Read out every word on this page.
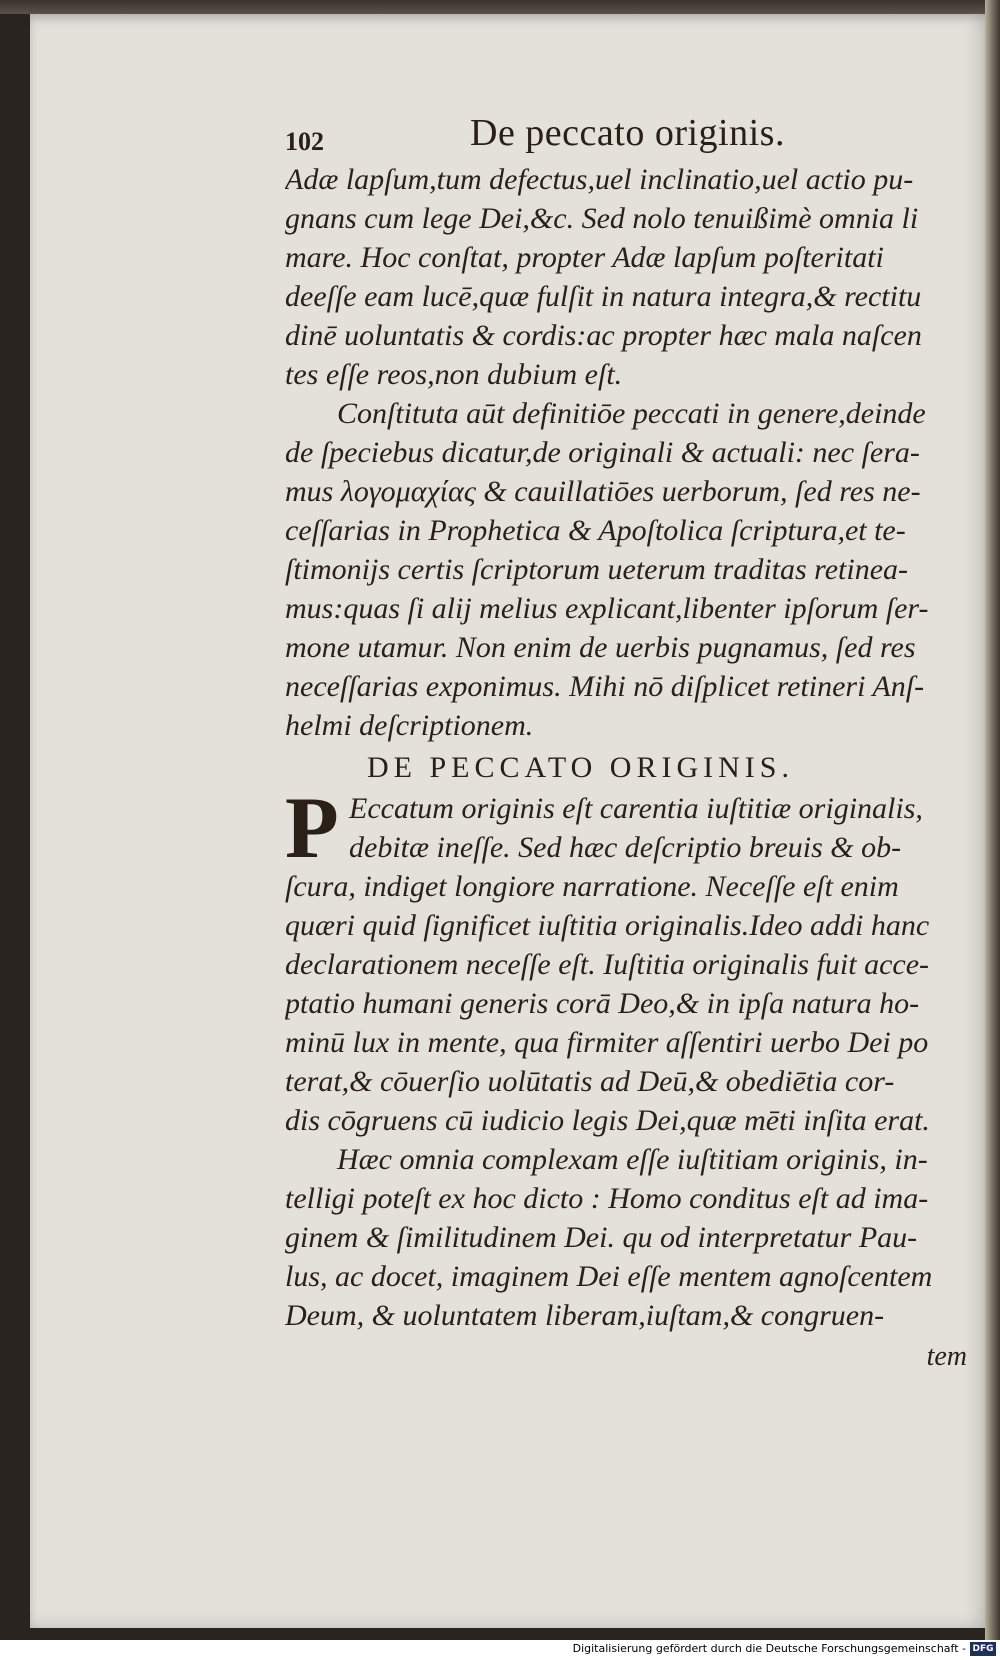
102	De peccato originis.
Adæ lapſum,tum defectus,uel inclinatio,uel actio pu-
gnans cum lege Dei,&c. Sed nolo tenuißimè omnia li
mare. Hoc conſtat, propter Adæ lapſum poſteritati
deeſſe eam lucē,quæ fulſit in natura integra,& rectitu
dinē uoluntatis & cordis:ac propter hæc mala naſcen
tes eſſe reos,non dubium eſt.
Conſtituta aūt definitiōe peccati in genere,deinde
de ſpeciebus dicatur,de originali & actuali: nec ſera-
mus λογομαχίας & cauillatiōes uerborum, ſed res ne-
ceſſarias in Prophetica & Apoſtolica ſcriptura,et te-
ſtimonijs certis ſcriptorum ueterum traditas retinea-
mus:quas ſi alij melius explicant,libenter ipſorum ſer-
mone utamur. Non enim de uerbis pugnamus, ſed res
neceſſarias exponimus. Mihi nō diſplicet retineri Anſ-
helmi deſcriptionem.
DE PECCATO ORIGINIS.
P Eccatum originis eſt carentia iuſtitiæ originalis,
debitæ ineſſe. Sed hæc deſcriptio breuis & ob-
ſcura, indiget longiore narratione. Neceſſe eſt enim
quæri quid ſignificet iuſtitia originalis.Ideo addi hanc
declarationem neceſſe eſt. Iuſtitia originalis fuit acce-
ptatio humani generis corā Deo,& in ipſa natura ho-
minū lux in mente, qua firmiter aſſentiri uerbo Dei po
terat,& cōuerſio uolūtatis ad Deū,& obediētia cor-
dis cōgruens cū iudicio legis Dei,quæ mēti inſita erat.
Hæc omnia complexam eſſe iuſtitiam originis, in-
telligi poteſt ex hoc dicto : Homo conditus eſt ad ima-
ginem & ſimilitudinem Dei. qu od interpretatur Pau-
lus, ac docet, imaginem Dei eſſe mentem agnoſcentem
Deum, & uoluntatem liberam,iuſtam,& congruen-
tem
Digitalisierung gefördert durch die Deutsche Forschungsgemeinschaft - DFG
